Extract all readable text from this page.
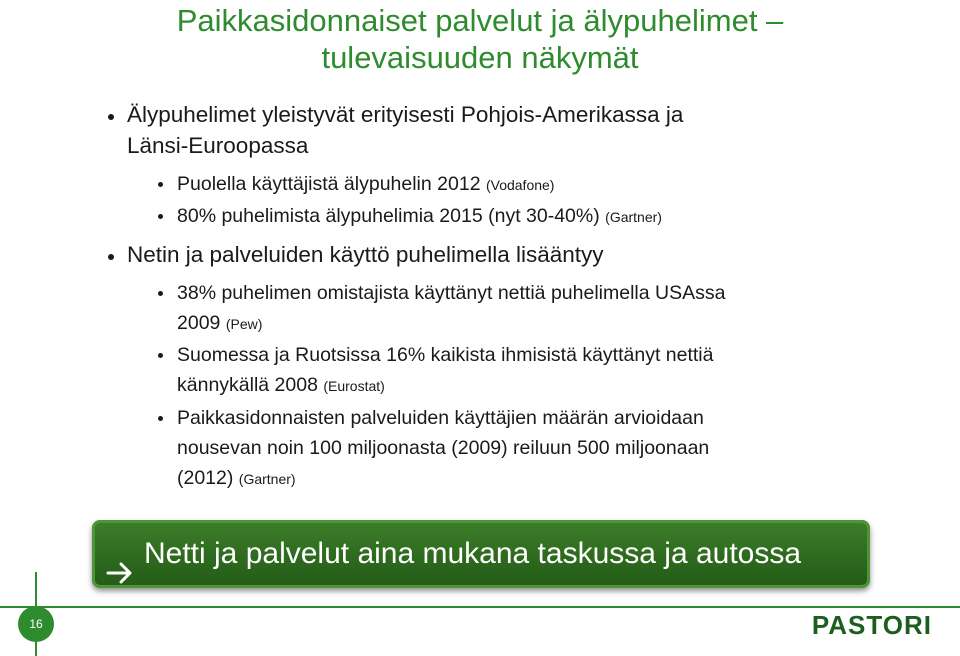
Paikkasidonnaiset palvelut ja älypuhelimet –
tulevaisuuden näkymät
Älypuhelimet yleistyvät erityisesti Pohjois-Amerikassa ja
Länsi-Euroopassa
Puolella käyttäjistä älypuhelin 2012 (Vodafone)
80% puhelimista älypuhelimia 2015 (nyt 30-40%) (Gartner)
Netin ja palveluiden käyttö puhelimella lisääntyy
38% puhelimen omistajista käyttänyt nettiä puhelimella USAssa
2009 (Pew)
Suomessa ja Ruotsissa 16% kaikista ihmisistä käyttänyt nettiä
kännykällä 2008 (Eurostat)
Paikkasidonnaisten palveluiden käyttäjien määrän arvioidaan
nousevan noin 100 miljoonasta (2009) reiluun 500 miljoonaan
(2012) (Gartner)
Netti ja palvelut aina mukana taskussa ja autossa
16	PASTORI
